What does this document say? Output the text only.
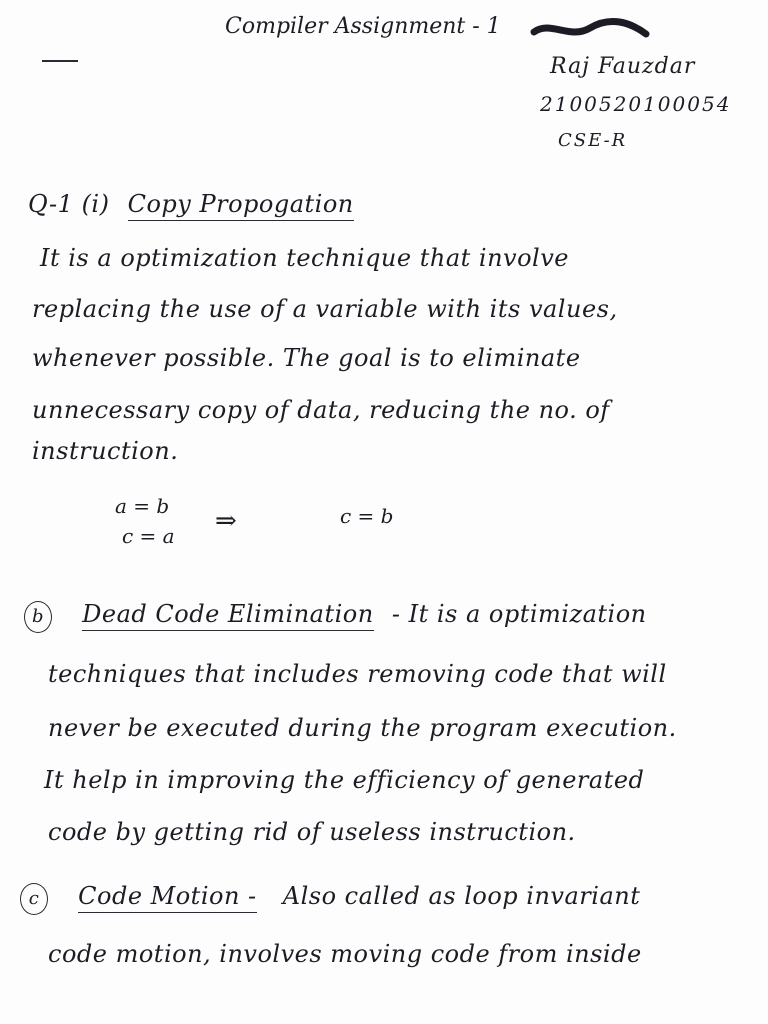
Compiler Assignment - 1
Raj Fauzdar
2100520100054
CSE-R
Q-1 (i) Copy Propogation
It is a optimization technique that involve
replacing the use of a variable with its values,
whenever possible. The goal is to eliminate
unnecessary copy of data, reducing the no. of
instruction.
a = b
c = a ⇒	c = b
b Dead Code Elimination - It is a optimization
techniques that includes removing code that will
never be executed during the program execution.
It help in improving the efficiency of generated
code by getting rid of useless instruction.
c Code Motion - Also called as loop invariant
code motion, involves moving code from inside
